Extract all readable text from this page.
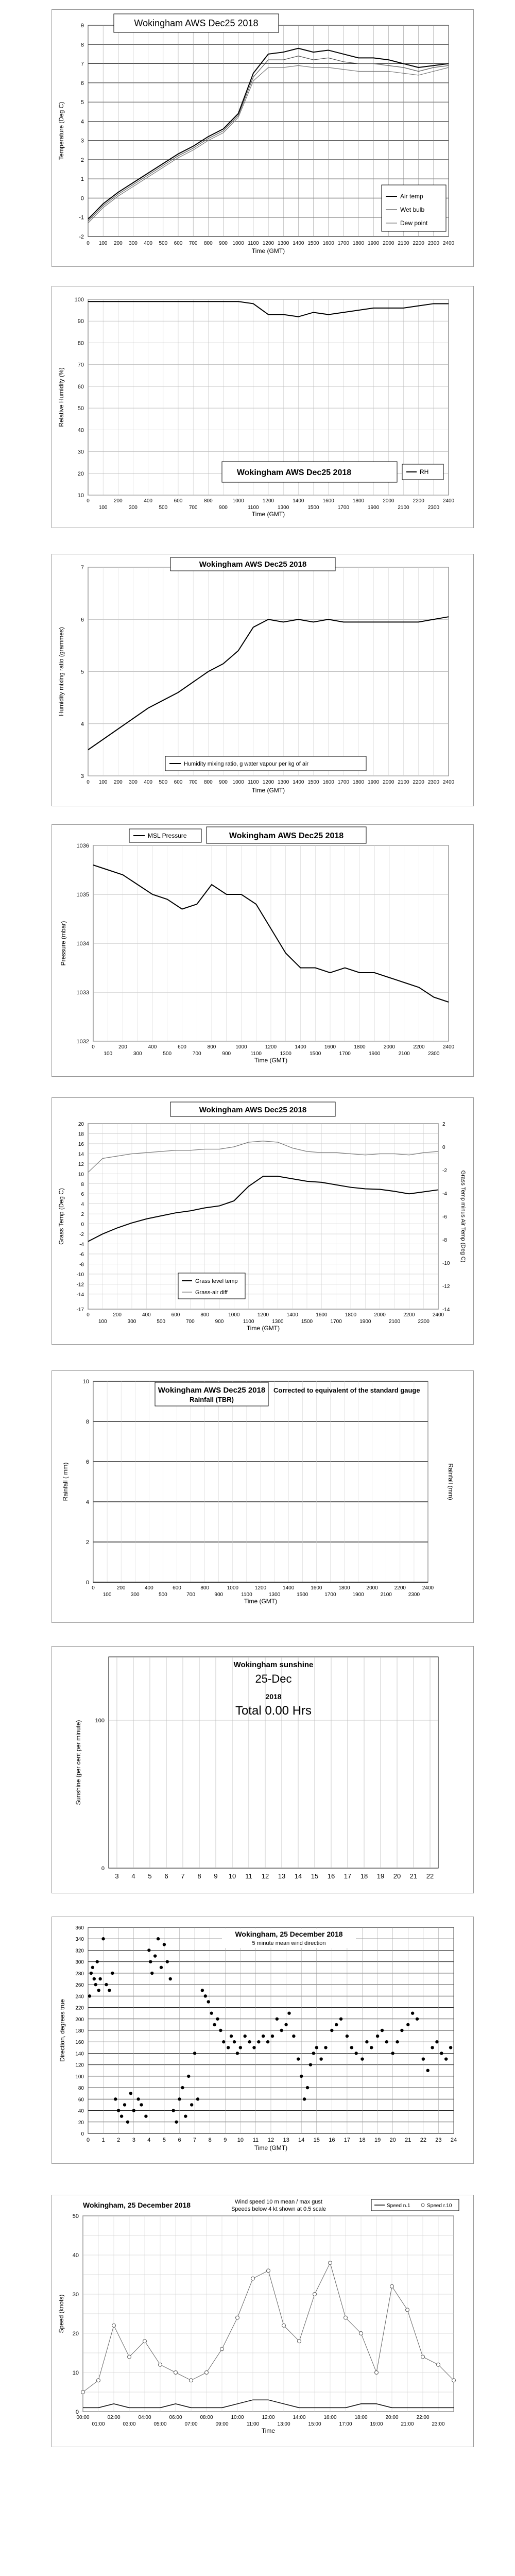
-2
-1
0
1
2
3
4
5
6
7
8
9
0 100 200 300 400 500 600 700 800 900 1000 1100 1200 1300 1400 1500 1600 1700 1800 1900 2000 2100 2200 2300 2400
Time (GMT)
Temperature (Deg C)
Wokingham AWS Dec25 2018
Air temp
Wet bulb
Dew point
10
20
30
40
50
60
70
80
90
100
0	200	400	600	800	1000	1200	1400	1600	1800	2000	2200	2400
100	300	500	700	900	1100	1300	1500	1700	1900	2100	2300
Time (GMT)
Relative Humidity (%)
Wokingham AWS Dec25 2018	RH
3
4
5
6
7
0 100 200 300 400 500 600 700 800 900 1000 1100 1200 1300 1400 1500 1600 1700 1800 1900 2000 2100 2200 2300 2400
Time (GMT)
Humidity mixing ratio (grammes)
Wokingham AWS Dec25 2018
Humidity mixing ratio, g water vapour per kg of air
1032
1033
1034
1035
1036
0	200	400	600	800	1000	1200	1400	1600	1800	2000	2200	2400
100	300	500	700	900	1100	1300	1500	1700	1900	2100	2300
Time (GMT)
Pressure (mbar)
MSL Pressure	Wokingham AWS Dec25 2018
20
18
16
14
12
10
8
6
4
2
0
-2
-4
-6
-8
-10
-12
-14
-17
2
0
-2
-4
-6
-8
-10
-12
-14
0	200	400	600	800	1000	1200	1400	1600	1800	2000	2200	2400
100	300	500	700	900	1100	1300	1500	1700	1900	2100	2300
Time (GMT)
Grass Temp (Deg C)	Grass Temp minus Air Temp (Deg C)
Wokingham AWS Dec25 2018
Grass level temp
Grass-air diff
0
2
4
6
8
10
0	200	400	600	800	1000	1200	1400	1600	1800	2000	2200	2400
100	300	500	700	900	1100	1300	1500	1700	1900	2100	2300
Time (GMT)
Rainfall ( mm)	Rainfall (mm)
Wokingham AWS Dec25 2018
Rainfall (TBR)
Corrected to equivalent of the standard gauge
3 4 5 6 7 8 9 10 11 12 13 14 15 16 17 18 19 20 21 22
0
100
Sunshine (per cent per minute)
Wokingham sunshine
25-Dec
2018
Total 0.00 Hrs
0
20
40
60
80
100
120
140
160
180
200
220
240
260
280
300
320
340
360
0 1 2 3 4 5 6 7 8 9 10 11 12 13 14 15 16 17 18 19 20 21 22 23 24
Time (GMT)
Direction, degrees true
Wokingham, 25 December 2018
5 minute mean wind direction
0
10
20
30
40
50
00:00	02:00	04:00	06:00	08:00	10:00	12:00	14:00	16:00	18:00	20:00	22:00
01:00	03:00	05:00	07:00	09:00	11:00	13:00	15:00	17:00	19:00	21:00	23:00
Time
Speed (knots)
Wokingham, 25 December 2018	Wind speed 10 m mean / max gust
Speeds below 4 kt shown at 0.5 scale
Speed n.1	Speed r.10
